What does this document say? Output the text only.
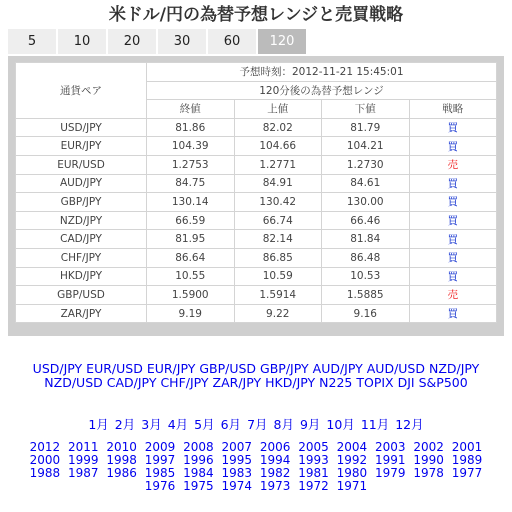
米ドル/円の為替予想レンジと売買戦略
5	10	20	30	60	120
通貨ペア	予想時刻：2012-11-21 15:45:01			
	120分後の為替予想レンジ			
	終値	上値	下値	戦略
USD/JPY	81.86	82.02	81.79	買
EUR/JPY	104.39	104.66	104.21	買
EUR/USD	1.2753	1.2771	1.2730	売
AUD/JPY	84.75	84.91	84.61	買
GBP/JPY	130.14	130.42	130.00	買
NZD/JPY	66.59	66.74	66.46	買
CAD/JPY	81.95	82.14	81.84	買
CHF/JPY	86.64	86.85	86.48	買
HKD/JPY	10.55	10.59	10.53	買
GBP/USD	1.5900	1.5914	1.5885	売
ZAR/JPY	9.19	9.22	9.16	買
USD/JPY EUR/USD EUR/JPY GBP/USD GBP/JPY AUD/JPY AUD/USD NZD/JPY NZD/USD CAD/JPY CHF/JPY ZAR/JPY HKD/JPY N225 TOPIX DJI S&P500
1月 2月 3月 4月 5月 6月 7月 8月 9月 10月 11月 12月
2012 2011 2010 2009 2008 2007 2006 2005 2004 2003 2002 2001 2000 1999 1998 1997 1996 1995 1994 1993 1992 1991 1990 1989 1988 1987 1986 1985 1984 1983 1982 1981 1980 1979 1978 1977 1976 1975 1974 1973 1972 1971
